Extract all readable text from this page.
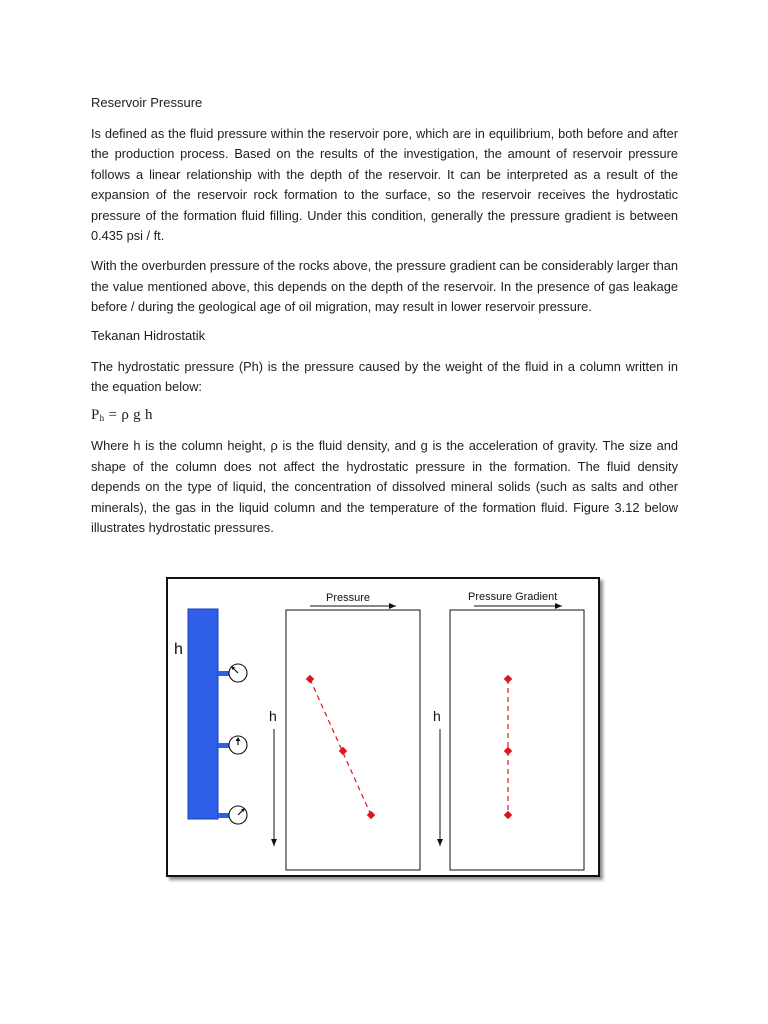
Reservoir Pressure

Is defined as the fluid pressure within the reservoir pore, which are in equilibrium, both before and after the production process. Based on the results of the investigation, the amount of reservoir pressure follows a linear relationship with the depth of the reservoir. It can be interpreted as a result of the expansion of the reservoir rock formation to the surface, so the reservoir receives the hydrostatic pressure of the formation fluid filling. Under this condition, generally the pressure gradient is between 0.435 psi / ft.

With the overburden pressure of the rocks above, the pressure gradient can be considerably larger than the value mentioned above, this depends on the depth of the reservoir. In the presence of gas leakage before / during the geological age of oil migration, may result in lower reservoir pressure.

Tekanan Hidrostatik

The hydrostatic pressure (Ph) is the pressure caused by the weight of the fluid in a column written in the equation below:

$P_h = \rho$ g h

Where h is the column height, ρ is the fluid density, and g is the acceleration of gravity. The size and shape of the column does not affect the hydrostatic pressure in the formation. The fluid density depends on the type of liquid, the concentration of dissolved mineral solids (such as salts and other minerals), the gas in the liquid column and the temperature of the formation fluid. Figure 3.12 below illustrates hydrostatic pressures.

h
Pressure
h
Pressure Gradient
h
